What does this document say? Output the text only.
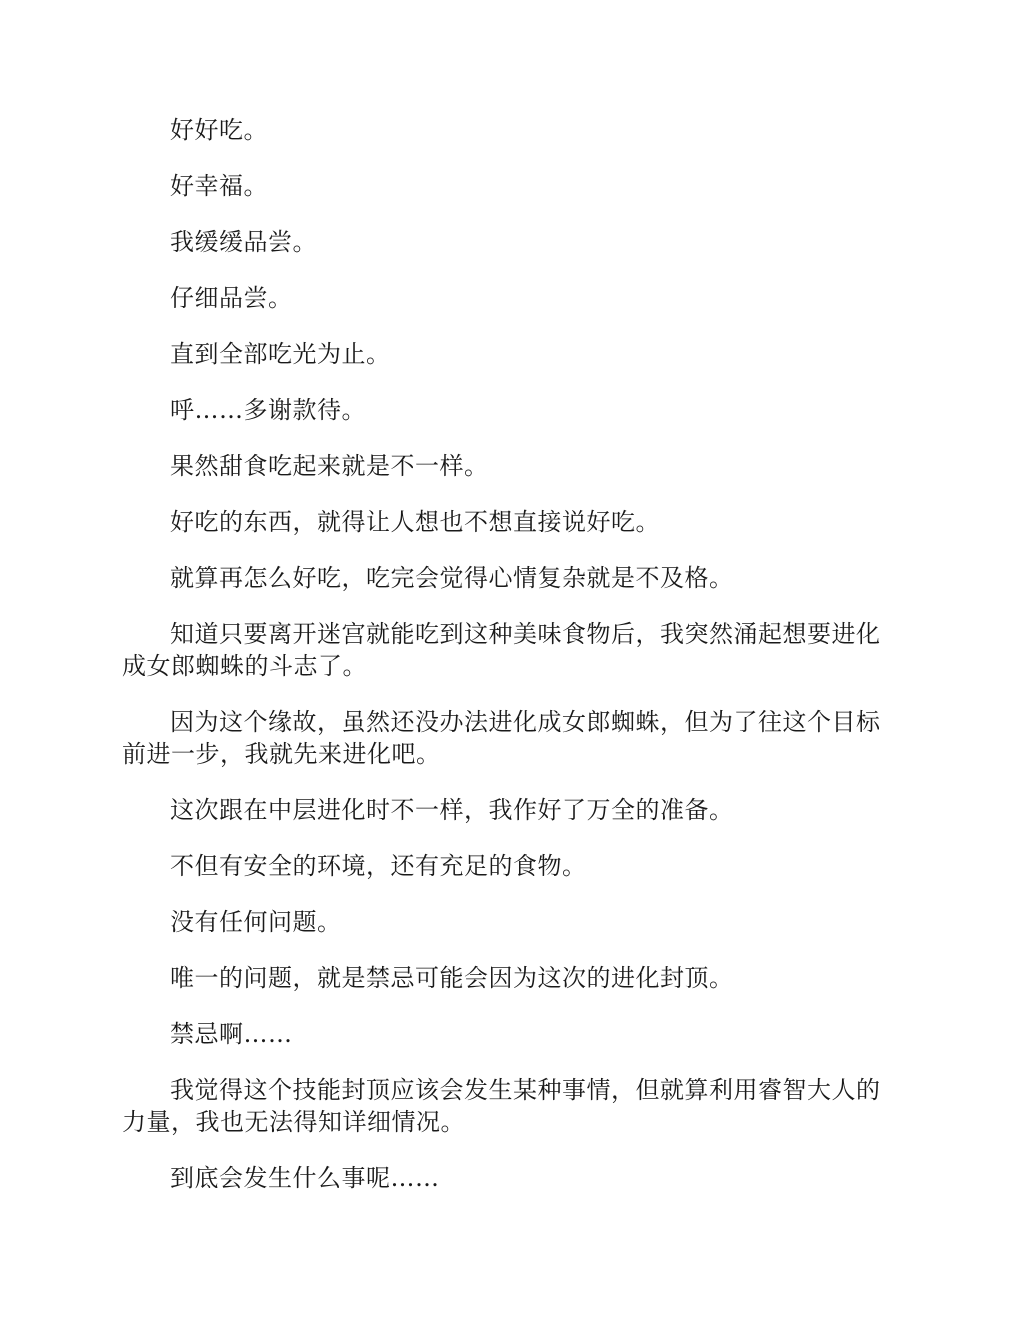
好好吃。

好幸福。

我缓缓品尝。

仔细品尝。

直到全部吃光为止。

呼……多谢款待。

果然甜食吃起来就是不一样。

好吃的东西，就得让人想也不想直接说好吃。

就算再怎么好吃，吃完会觉得心情复杂就是不及格。

知道只要离开迷宫就能吃到这种美味食物后，我突然涌起想要进化成女郎蜘蛛的斗志了。

因为这个缘故，虽然还没办法进化成女郎蜘蛛，但为了往这个目标前进一步，我就先来进化吧。

这次跟在中层进化时不一样，我作好了万全的准备。

不但有安全的环境，还有充足的食物。

没有任何问题。

唯一的问题，就是禁忌可能会因为这次的进化封顶。

禁忌啊……

我觉得这个技能封顶应该会发生某种事情，但就算利用睿智大人的力量，我也无法得知详细情况。

到底会发生什么事呢……
